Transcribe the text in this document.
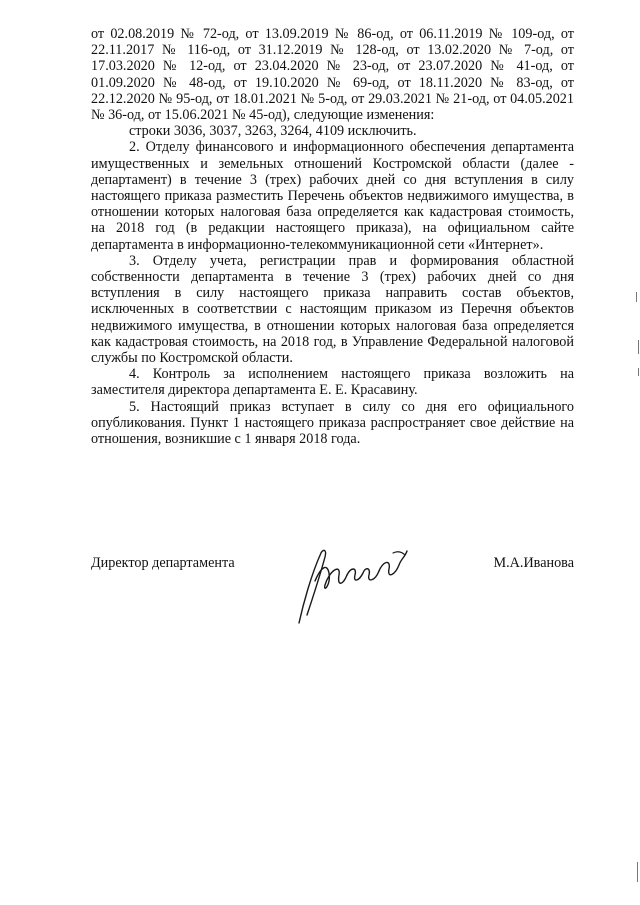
от 02.08.2019 № 72-од, от 13.09.2019 № 86-од, от 06.11.2019 № 109-од, от 22.11.2017 № 116-од, от 31.12.2019 № 128-од, от 13.02.2020 № 7-од, от 17.03.2020 № 12-од, от 23.04.2020 № 23-од, от 23.07.2020 № 41-од, от 01.09.2020 № 48-од, от 19.10.2020 № 69-од, от 18.11.2020 № 83-од, от 22.12.2020 № 95-од, от 18.01.2021 № 5-од, от 29.03.2021 № 21-од, от 04.05.2021 № 36-од, от 15.06.2021 № 45-од), следующие изменения:

строки 3036, 3037, 3263, 3264, 4109 исключить.

2. Отделу финансового и информационного обеспечения департамента имущественных и земельных отношений Костромской области (далее - департамент) в течение 3 (трех) рабочих дней со дня вступления в силу настоящего приказа разместить Перечень объектов недвижимого имущества, в отношении которых налоговая база определяется как кадастровая стоимость, на 2018 год (в редакции настоящего приказа), на официальном сайте департамента в информационно-телекоммуникационной сети «Интернет».

3. Отделу учета, регистрации прав и формирования областной собственности департамента в течение 3 (трех) рабочих дней со дня вступления в силу настоящего приказа направить состав объектов, исключенных в соответствии с настоящим приказом из Перечня объектов недвижимого имущества, в отношении которых налоговая база определяется как кадастровая стоимость, на 2018 год, в Управление Федеральной налоговой службы по Костромской области.

4. Контроль за исполнением настоящего приказа возложить на заместителя директора департамента Е. Е. Красавину.

5. Настоящий приказ вступает в силу со дня его официального опубликования. Пункт 1 настоящего приказа распространяет свое действие на отношения, возникшие с 1 января 2018 года.

Директор департамента	М.А.Иванова
